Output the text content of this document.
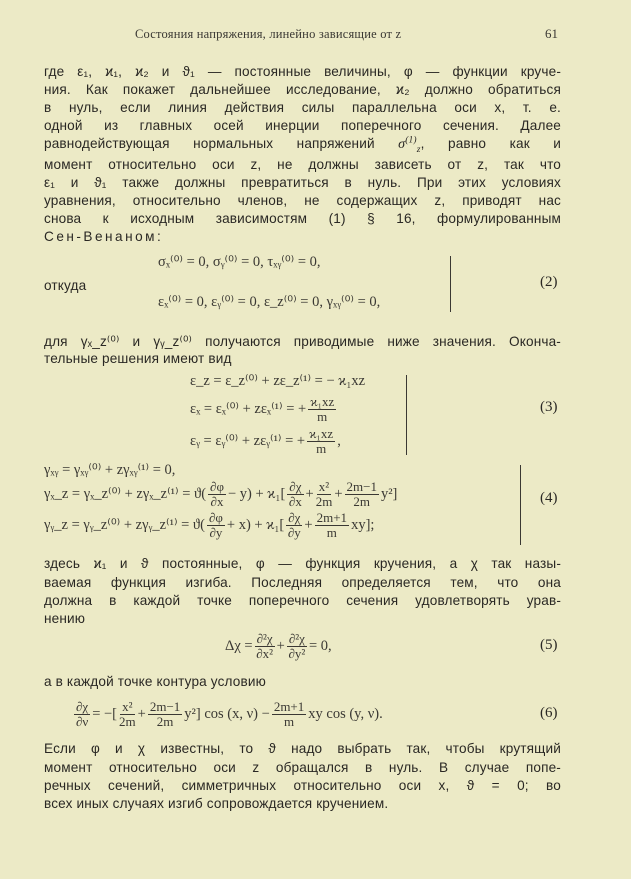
Состояния напряжения, линейно зависящие от z	61
где ε₁, ϰ₁, ϰ₂ и ϑ₁ — постоянные величины, φ — функции круче-
ния. Как покажет дальнейшее исследование, ϰ₂ должно обратиться
в нуль, если линия действия силы параллельна оси x, т. е.
одной из главных осей инерции поперечного сечения. Далее
равнодействующая нормальных напряжений $\sigma^{(1)}_z$, равно как и
момент относительно оси z, не должны зависеть от z, так что
ε₁ и ϑ₁ также должны превратиться в нуль. При этих условиях
уравнения, относительно членов, не содержащих z, приводят нас
снова к исходным зависимостям (1) § 16, формулированным
Сен-Венаном:
σₓ⁽⁰⁾ = 0, σᵧ⁽⁰⁾ = 0, τₓᵧ⁽⁰⁾ = 0,
откуда
εₓ⁽⁰⁾ = 0, εᵧ⁽⁰⁾ = 0, ε_z⁽⁰⁾ = 0, γₓᵧ⁽⁰⁾ = 0,
(2)
для γₓ_z⁽⁰⁾ и γᵧ_z⁽⁰⁾ получаются приводимые ниже значения. Оконча-
тельные решения имеют вид
ε_z = ε_z⁽⁰⁾ + zε_z⁽¹⁾ = − ϰ₁xz
εₓ = εₓ⁽⁰⁾ + zεₓ⁽¹⁾ = + $\frac{\text{ϰ₁xz}}{m}$
εᵧ = εᵧ⁽⁰⁾ + zεᵧ⁽¹⁾ = + $\frac{\text{ϰ₁xz}}{m}$ ,
(3)
γₓᵧ = γₓᵧ⁽⁰⁾ + zγₓᵧ⁽¹⁾ = 0,
γₓ_z = γₓ_z⁽⁰⁾ + zγₓ_z⁽¹⁾ = $ϑ( \frac{\partial\varphi}{\partial x} - y) + ϰ_1[ \frac{\partial\chi}{\partial x} + \frac{\text{x²}}{2m} + \frac{2m-1}{2m} y^2]$
γᵧ_z = γᵧ_z⁽⁰⁾ + zγᵧ_z⁽¹⁾ = $ϑ( \frac{\partial\varphi}{\partial y} + x) + ϰ_1[ \frac{\partial\chi}{\partial y} + \frac{2m+1}{m} xy]$;
(4)
здесь ϰ₁ и ϑ постоянные, φ — функция кручения, а χ так назы-
ваемая функция изгиба. Последняя определяется тем, что она
должна в каждой точке поперечного сечения удовлетворять урав-
нению
$\Delta\chi = \frac{\text{∂²χ}}{\text{∂x²}} + \frac{\text{∂²χ}}{\text{∂y²}} = 0$,	(5)
а в каждой точке контура условию
$\frac{\partial\chi}{\partial\nu}$ = −[ $\frac{\text{x²}}{2m} + \frac{2m-1}{2m} y^2$] cos (x, $\nu) - \frac{2m+1}{m}$ xy cos (y, ν).	(6)
Если φ и χ известны, то ϑ надо выбрать так, чтобы крутящий
момент относительно оси z обращался в нуль. В случае попе-
речных сечений, симметричных относительно оси x, ϑ = 0; во
всех иных случаях изгиб сопровождается кручением.
